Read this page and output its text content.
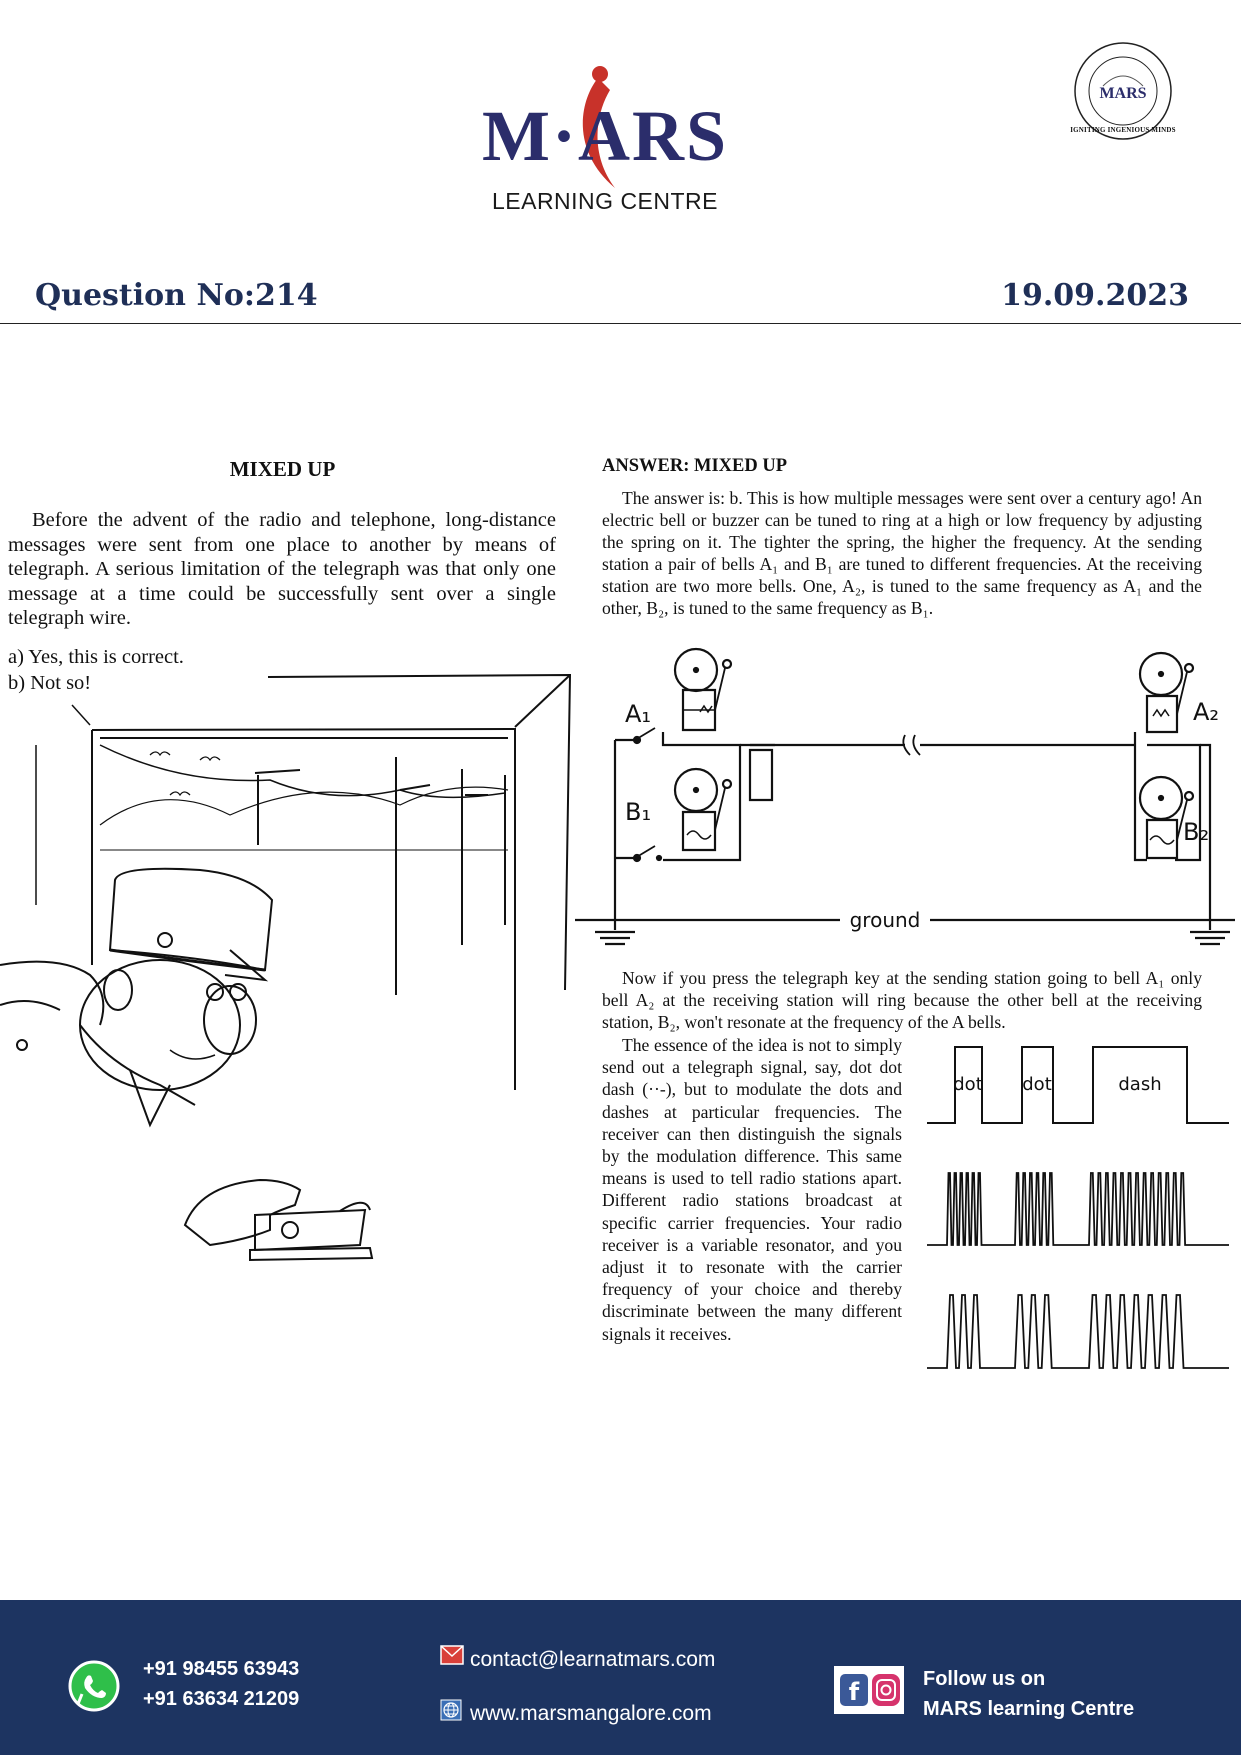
M·ARS
LEARNING CENTRE
MARS
IGNITING INGENIOUS MINDS
Question No:214	19.09.2023
MIXED UP

Before the advent of the radio and telephone, long-distance messages were sent from one place to another by means of telegraph. A serious limitation of the telegraph was that only one message at a time could be successfully sent over a single telegraph wire.

a) Yes, this is correct.
b) Not so!
ANSWER: MIXED UP

The answer is: b. This is how multiple messages were sent over a century ago! An electric bell or buzzer can be tuned to ring at a high or low frequency by adjusting the spring on it. The tighter the spring, the higher the frequency. At the sending station a pair of bells A₁ and B₁ are tuned to different frequencies. At the receiving station are two more bells. One, A₂, is tuned to the same frequency as A₁ and the other, B₂, is tuned to the same frequency as B₁.

A₁
B₁
A₂
B₂
ground

Now if you press the telegraph key at the sending station going to bell A₁ only bell A₂ at the receiving station will ring because the other bell at the receiving station, B₂, won't resonate at the frequency of the A bells.

The essence of the idea is not to simply send out a telegraph signal, say, dot dot dash (··-), but to modulate the dots and dashes at particular frequencies. The receiver can then distinguish the signals by the modulation difference. This same means is used to tell radio stations apart. Different radio stations broadcast at specific carrier frequencies. Your radio receiver is a variable resonator, and you adjust it to resonate with the carrier frequency of your choice and thereby discriminate between the many different signals it receives.

dot dot	dash
+91 98455 63943
+91 63634 21209
contact@learnatmars.com
www.marsmangalore.com
f	Follow us on
MARS learning Centre
